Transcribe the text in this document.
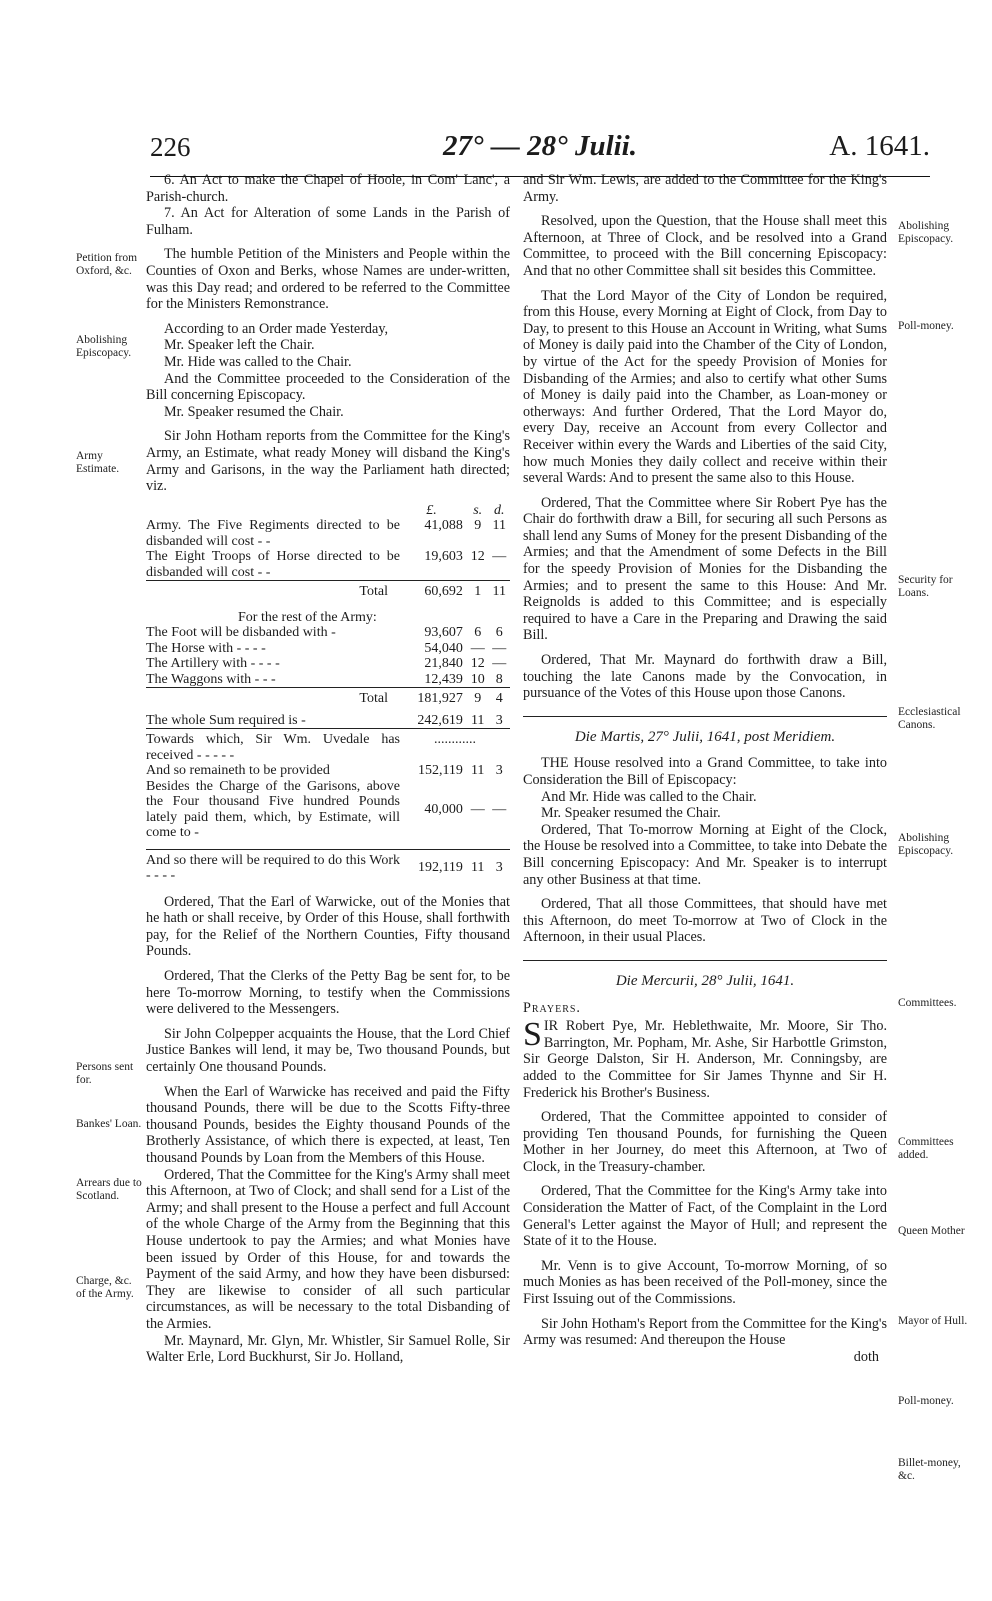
226	27° — 28° Julii.	A. 1641.
Petition from Oxford, &c.
Abolishing Episcopacy.
Army Estimate.
Persons sent for.
Bankes' Loan.
Arrears due to Scotland.
Charge, &c. of the Army.
Abolishing Episcopacy.
Poll-money.
Security for Loans.
Ecclesiastical Canons.
Abolishing Episcopacy.
Committees.
Committees added.
Queen Mother
Mayor of Hull.
Poll-money.
Billet-money, &c.

6. An Act to make the Chapel of Hoole, in Com' Lanc', a Parish-church.

7. An Act for Alteration of some Lands in the Parish of Fulham.

The humble Petition of the Ministers and People within the Counties of Oxon and Berks, whose Names are under-written, was this Day read; and ordered to be referred to the Committee for the Ministers Remonstrance.

According to an Order made Yesterday,

Mr. Speaker left the Chair.

Mr. Hide was called to the Chair.

And the Committee proceeded to the Consideration of the Bill concerning Episcopacy.

Mr. Speaker resumed the Chair.

Sir John Hotham reports from the Committee for the King's Army, an Estimate, what ready Money will disband the King's Army and Garisons, in the way the Parliament hath directed; viz.

	£.	s.	d.
Army. The Five Regiments directed to be disbanded will cost - -	41,088	9	11
The Eight Troops of Horse directed to be disbanded will cost - -	19,603	12	—

Total	60,692	1	11

For the rest of the Army:			
The Foot will be disbanded with -	93,607	6	6
The Horse with - - - -	54,040	—	—
The Artillery with - - - -	21,840	12	—
The Waggons with - - -	12,439	10	8

Total	181,927	9	4

The whole Sum required is -	242,619	11	3

Towards which, Sir Wm. Uvedale has received - - - - -	............		
And so remaineth to be provided	152,119	11	3
Besides the Charge of the Garisons, above the Four thousand Five hundred Pounds lately paid them, which, by Estimate, will come to -	40,000	—	—

And so there will be required to do this Work - - - -	192,119	11	3

Ordered, That the Earl of Warwicke, out of the Monies that he hath or shall receive, by Order of this House, shall forthwith pay, for the Relief of the Northern Counties, Fifty thousand Pounds.

Ordered, That the Clerks of the Petty Bag be sent for, to be here To-morrow Morning, to testify when the Commissions were delivered to the Messengers.

Sir John Colpepper acquaints the House, that the Lord Chief Justice Bankes will lend, it may be, Two thousand Pounds, but certainly One thousand Pounds.

When the Earl of Warwicke has received and paid the Fifty thousand Pounds, there will be due to the Scotts Fifty-three thousand Pounds, besides the Eighty thousand Pounds of the Brotherly Assistance, of which there is expected, at least, Ten thousand Pounds by Loan from the Members of this House.

Ordered, That the Committee for the King's Army shall meet this Afternoon, at Two of Clock; and shall send for a List of the Army; and shall present to the House a perfect and full Account of the whole Charge of the Army from the Beginning that this House undertook to pay the Armies; and what Monies have been issued by Order of this House, for and towards the Payment of the said Army, and how they have been disbursed: They are likewise to consider of all such particular circumstances, as will be necessary to the total Disbanding of the Armies.

Mr. Maynard, Mr. Glyn, Mr. Whistler, Sir Samuel Rolle, Sir Walter Erle, Lord Buckhurst, Sir Jo. Holland,

and Sir Wm. Lewis, are added to the Committee for the King's Army.

Resolved, upon the Question, that the House shall meet this Afternoon, at Three of Clock, and be resolved into a Grand Committee, to proceed with the Bill concerning Episcopacy: And that no other Committee shall sit besides this Committee.

That the Lord Mayor of the City of London be required, from this House, every Morning at Eight of Clock, from Day to Day, to present to this House an Account in Writing, what Sums of Money is daily paid into the Chamber of the City of London, by virtue of the Act for the speedy Provision of Monies for Disbanding of the Armies; and also to certify what other Sums of Money is daily paid into the Chamber, as Loan-money or otherways: And further Ordered, That the Lord Mayor do, every Day, receive an Account from every Collector and Receiver within every the Wards and Liberties of the said City, how much Monies they daily collect and receive within their several Wards: And to present the same also to this House.

Ordered, That the Committee where Sir Robert Pye has the Chair do forthwith draw a Bill, for securing all such Persons as shall lend any Sums of Money for the present Disbanding of the Armies; and that the Amendment of some Defects in the Bill for the speedy Provision of Monies for the Disbanding the Armies; and to present the same to this House: And Mr. Reignolds is added to this Committee; and is especially required to have a Care in the Preparing and Drawing the said Bill.

Ordered, That Mr. Maynard do forthwith draw a Bill, touching the late Canons made by the Convocation, in pursuance of the Votes of this House upon those Canons.

Die Martis, 27° Julii, 1641, post Meridiem.

THE House resolved into a Grand Committee, to take into Consideration the Bill of Episcopacy:

And Mr. Hide was called to the Chair.

Mr. Speaker resumed the Chair.

Ordered, That To-morrow Morning at Eight of the Clock, the House be resolved into a Committee, to take into Debate the Bill concerning Episcopacy: And Mr. Speaker is to interrupt any other Business at that time.

Ordered, That all those Committees, that should have met this Afternoon, do meet To-morrow at Two of Clock in the Afternoon, in their usual Places.

Die Mercurii, 28° Julii, 1641.
Prayers.

SIR Robert Pye, Mr. Heblethwaite, Mr. Moore, Sir Tho. Barrington, Mr. Popham, Mr. Ashe, Sir Harbottle Grimston, Sir George Dalston, Sir H. Anderson, Mr. Conningsby, are added to the Committee for Sir James Thynne and Sir H. Frederick his Brother's Business.

Ordered, That the Committee appointed to consider of providing Ten thousand Pounds, for furnishing the Queen Mother in her Journey, do meet this Afternoon, at Two of Clock, in the Treasury-chamber.

Ordered, That the Committee for the King's Army take into Consideration the Matter of Fact, of the Complaint in the Lord General's Letter against the Mayor of Hull; and represent the State of it to the House.

Mr. Venn is to give Account, To-morrow Morning, of so much Monies as has been received of the Poll-money, since the First Issuing out of the Commissions.

Sir John Hotham's Report from the Committee for the King's Army was resumed: And thereupon the House

doth
